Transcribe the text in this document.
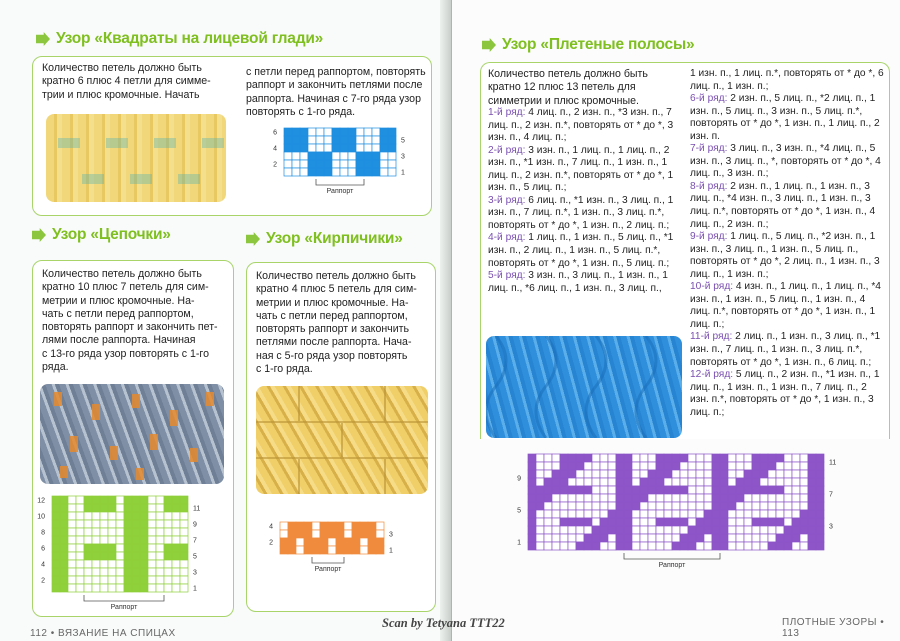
Узор «Квадраты на лицевой глади»
Количество петель должно быть
кратно 6 плюс 4 петли для симме-
трии и плюс кромочные. Начать
с петли перед раппортом, повторять
раппорт и закончить петлями после
раппорта. Начиная с 7-го ряда узор
повторять с 1-го ряда.
6
5
4
3
2
1
Раппорт
Узор «Цепочки»
Количество петель должно быть
кратно 10 плюс 7 петель для сим-
метрии и плюс кромочные. На-
чать с петли перед раппортом,
повторять раппорт и закончить пет-
лями после раппорта. Начиная
с 13-го ряда узор повторять с 1-го
ряда.
12
11
10
9
8
7
6
5
4
3
2
1
Раппорт
Узор «Кирпичики»
Количество петель должно быть
кратно 4 плюс 5 петель для сим-
метрии и плюс кромочные. На-
чать с петли перед раппортом,
повторять раппорт и закончить
петлями после раппорта. Нача-
ная с 5-го ряда узор повторять
с 1-го ряда.
4
3
2
1
Раппорт
112 • ВЯЗАНИЕ НА СПИЦАХ
Узор «Плетеные полосы»
Количество петель должно быть
кратно 12 плюс 13 петель для
симметрии и плюс кромочные.
1-й ряд: 4 лиц. п., 2 изн. п., *3 изн. п., 7 лиц. п., 2 изн. п.*, повторять от * до *, 3 изн. п., 4 лиц. п.;
2-й ряд: 3 изн. п., 1 лиц. п., 1 лиц. п., 2 изн. п., *1 изн. п., 7 лиц. п., 1 изн. п., 1 лиц. п., 2 изн. п.*, повторять от * до *, 1 изн. п., 5 лиц. п.;
3-й ряд: 6 лиц. п., *1 изн. п., 3 лиц. п., 1 изн. п., 7 лиц. п.*, 1 изн. п., 3 лиц. п.*, повторять от * до *, 1 изн. п., 2 лиц. п.;
4-й ряд: 1 лиц. п., 1 изн. п., 5 лиц. п., *1 изн. п., 2 лиц. п., 1 изн. п., 5 лиц. п.*, повторять от * до *, 1 изн. п., 5 лиц. п.;
5-й ряд: 3 изн. п., 3 лиц. п., 1 изн. п., 1 лиц. п., *6 лиц. п., 1 изн. п., 3 лиц. п.,
1 изн. п., 1 лиц. п.*, повторять от * до *, 6 лиц. п., 1 изн. п.;
6-й ряд: 2 изн. п., 5 лиц. п., *2 лиц. п., 1 изн. п., 5 лиц. п., 3 изн. п., 5 лиц. п.*, повторять от * до *, 1 изн. п., 1 лиц. п., 2 изн. п.
7-й ряд: 3 лиц. п., 3 изн. п., *4 лиц. п., 5 изн. п., 3 лиц. п., *, повторять от * до *, 4 лиц. п., 3 изн. п.;
8-й ряд: 2 изн. п., 1 лиц. п., 1 изн. п., 3 лиц. п., *4 изн. п., 3 лиц. п., 1 изн. п., 3 лиц. п.*, повторять от * до *, 1 изн. п., 4 лиц. п., 2 изн. п.;
9-й ряд: 1 лиц. п., 5 лиц. п., *2 изн. п., 1 изн. п., 3 лиц. п., 1 изн. п., 5 лиц. п., повторять от * до *, 2 лиц. п., 1 изн. п., 3 лиц. п., 1 изн. п.;
10-й ряд: 4 изн. п., 1 лиц. п., 1 лиц. п., *4 изн. п., 1 изн. п., 5 лиц. п., 1 изн. п., 4 лиц. п.*, повторять от * до *, 1 изн. п., 1 лиц. п.;
11-й ряд: 2 лиц. п., 1 изн. п., 3 лиц. п., *1 изн. п., 7 лиц. п., 1 изн. п., 3 лиц. п.*, повторять от * до *, 1 изн. п., 6 лиц. п.;
12-й ряд: 5 лиц. п., 2 изн. п., *1 изн. п., 1 лиц. п., 1 изн. п., 1 изн. п., 7 лиц. п., 2 изн. п.*, повторять от * до *, 1 изн. п., 3 лиц. п.;
11
9
7
5
3
1
Раппорт
ПЛОТНЫЕ УЗОРЫ • 113
Scan by Tetyana TTT22
